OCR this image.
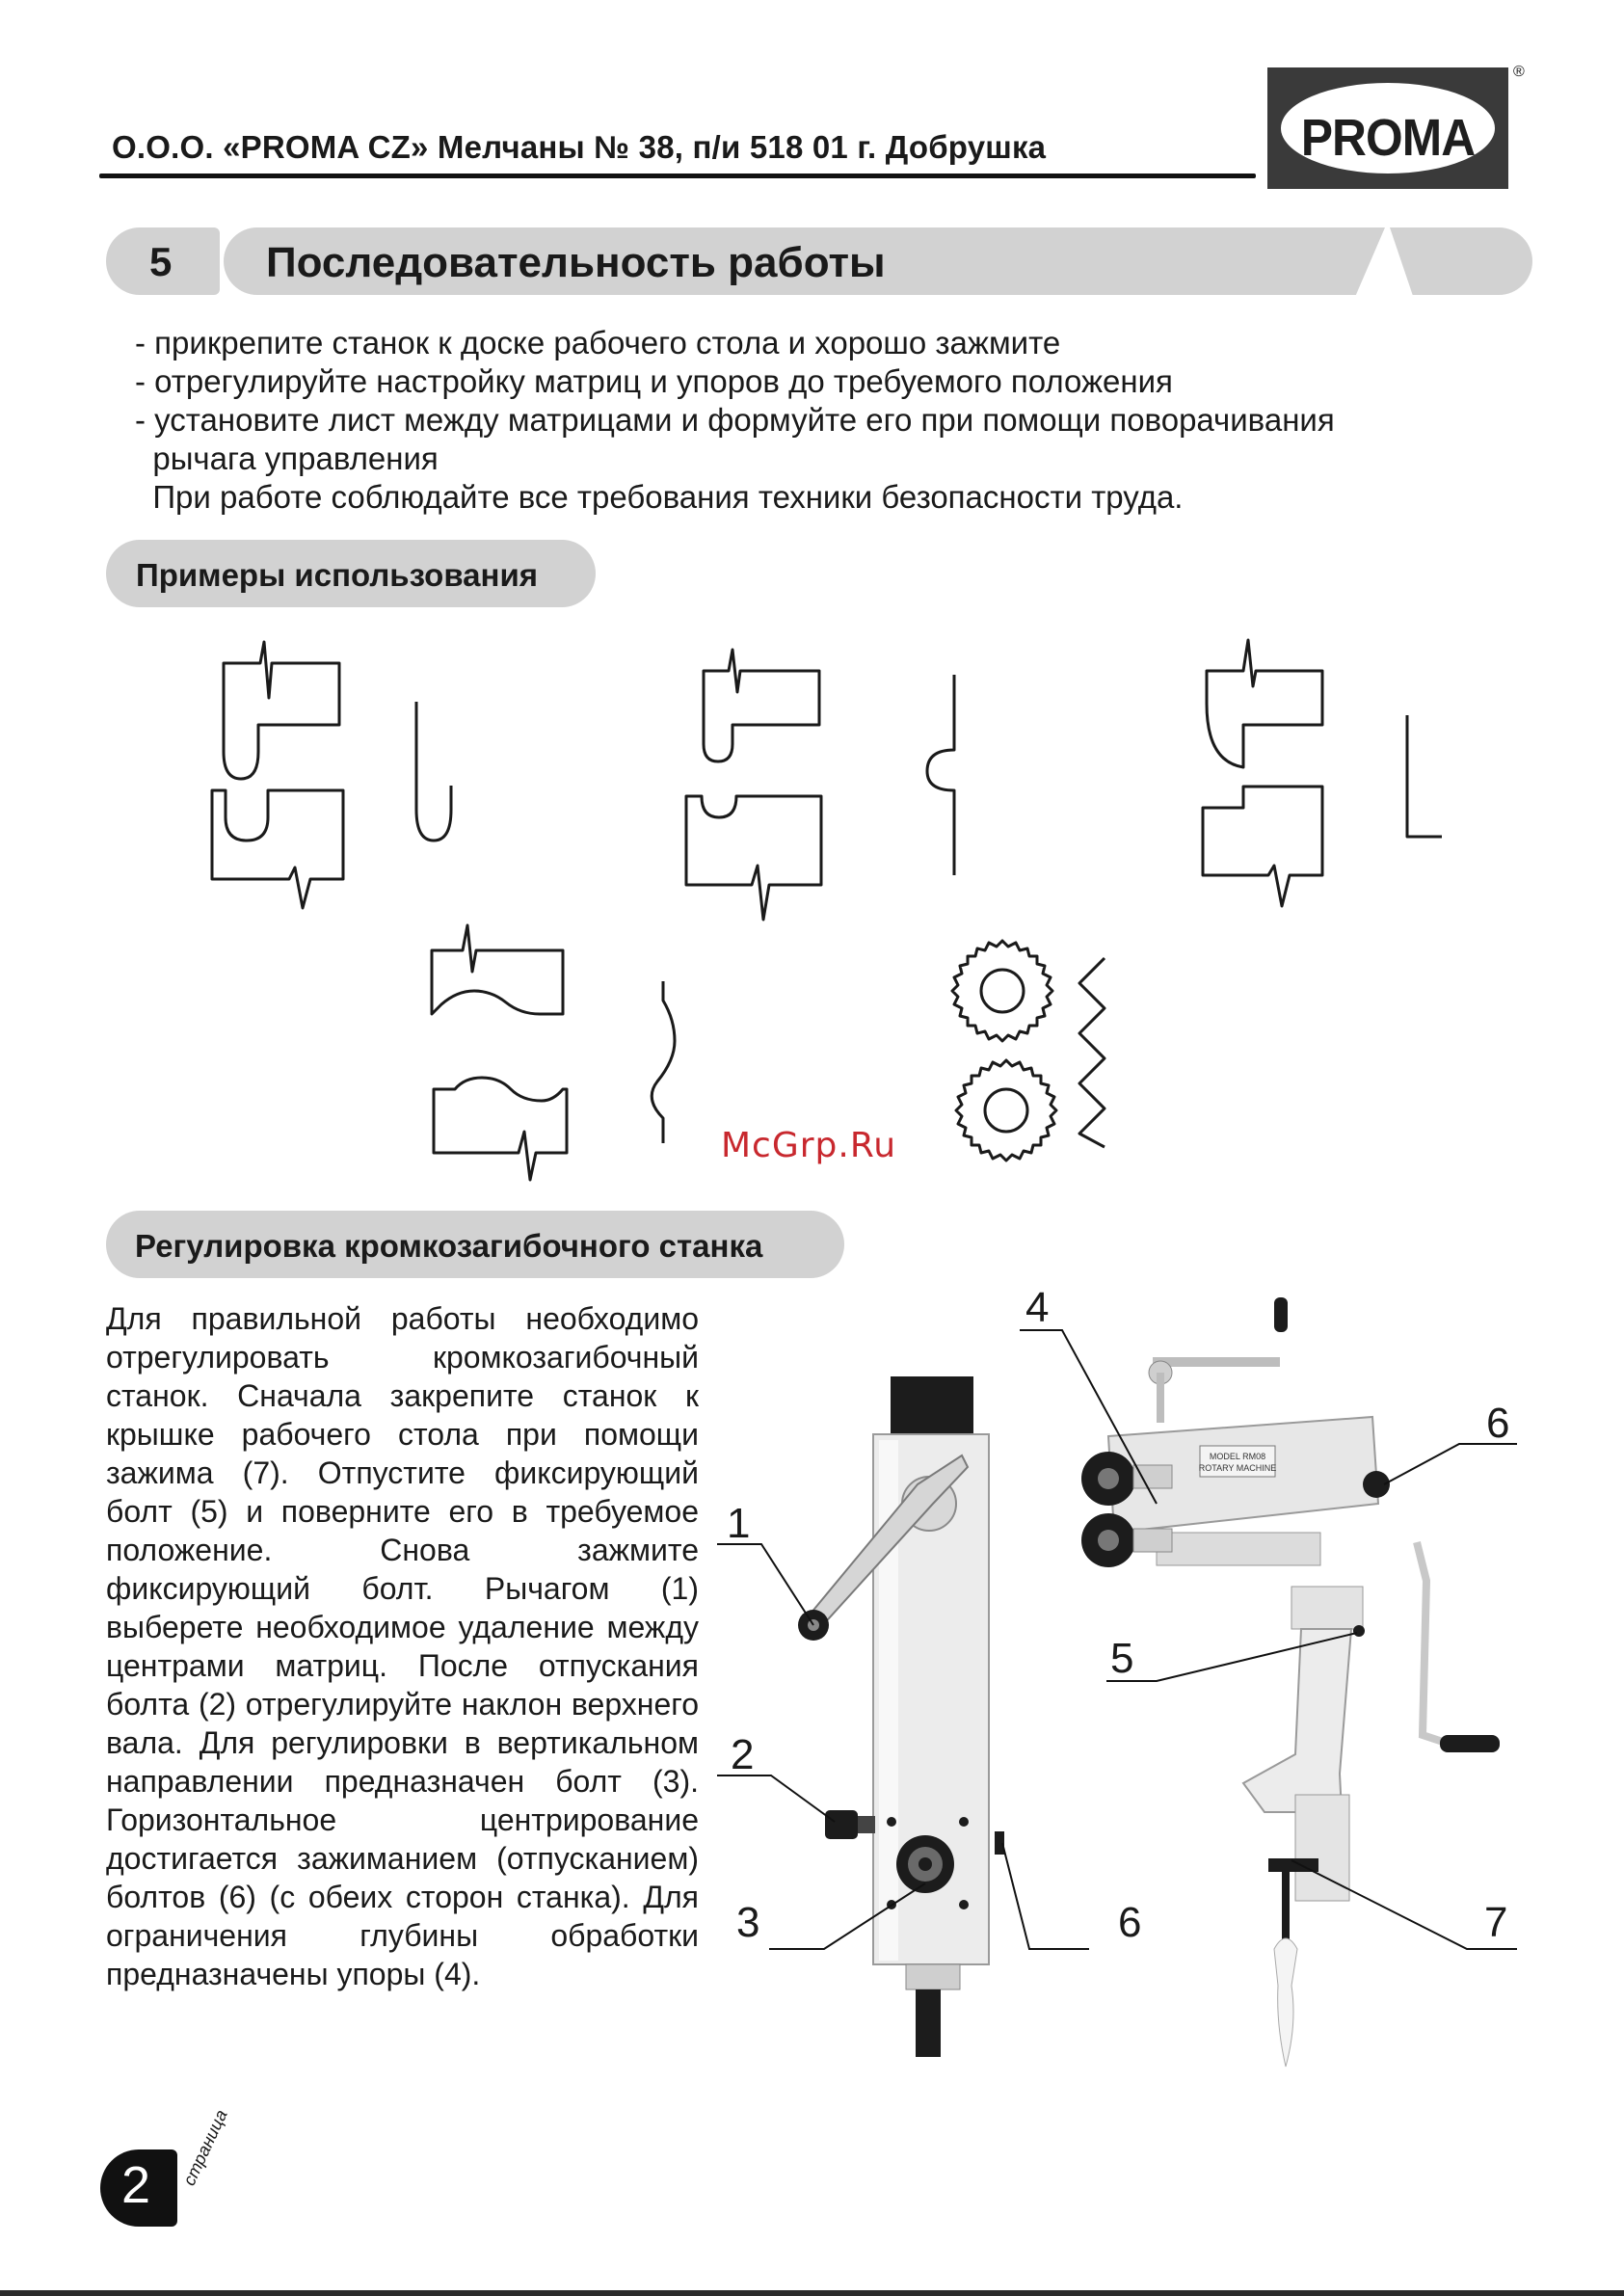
О.О.О. «PROMA CZ» Мелчаны № 38, п/и 518 01 г. Добрушка	PROMA
®
5 Последовательность работы
- прикрепите станок к доске рабочего стола и хорошо зажмите
- отрегулируйте настройку матриц и упоров до требуемого положения
- установите лист между матрицами и формуйте его при помощи поворачивания
рычага управления
При работе соблюдайте все требования техники безопасности труда.
Примеры использования
McGrp.Ru
Регулировка кромкозагибочного станка
Для правильной работы необходимо отрегулировать кромкозагибочный станок. Сначала закрепите станок к крышке рабочего стола при помощи зажима (7). Отпустите фиксирующий болт (5) и поверните его в требуемое положение. Снова зажмите фиксирующий болт. Рычагом (1) выберете необходимое удаление между центрами матриц. После отпускания болта (2) отрегулируйте наклон верхнего вала. Для регулировки в вертикальном направлении предназначен болт (3). Горизонтальное центрирование достигается зажиманием (отпусканием) болтов (6) (с обеих сторон станка). Для ограничения глубины обработки предназначены упоры (4).
MODEL RM08
ROTARY MACHINE
1
2
3
4
5
6
6	7
2 страница
